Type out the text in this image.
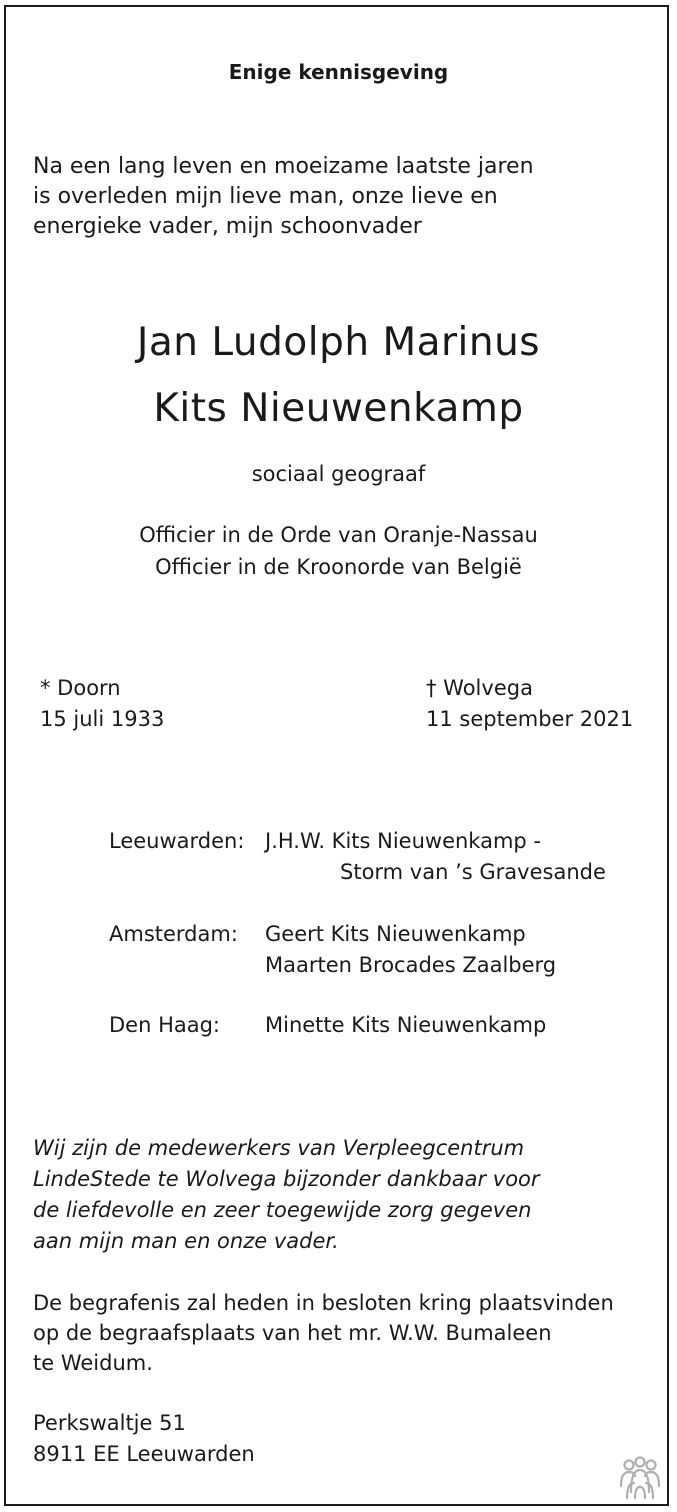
Enige kennisgeving
Na een lang leven en moeizame laatste jaren
is overleden mijn lieve man, onze lieve en
energieke vader, mijn schoonvader
Jan Ludolph Marinus
Kits Nieuwenkamp
sociaal geograaf
Officier in de Orde van Oranje-Nassau
Officier in de Kroonorde van België
* Doorn
15 juli 1933
† Wolvega
11 september 2021
Leeuwarden: J.H.W. Kits Nieuwenkamp -
Storm van ’s Gravesande
Amsterdam: Geert Kits Nieuwenkamp
Maarten Brocades Zaalberg
Den Haag: Minette Kits Nieuwenkamp
Wij zijn de medewerkers van Verpleegcentrum
LindeStede te Wolvega bijzonder dankbaar voor
de liefdevolle en zeer toegewijde zorg gegeven
aan mijn man en onze vader.
De begrafenis zal heden in besloten kring plaatsvinden
op de begraafsplaats van het mr. W.W. Bumaleen
te Weidum.
Perkswaltje 51
8911 EE Leeuwarden
